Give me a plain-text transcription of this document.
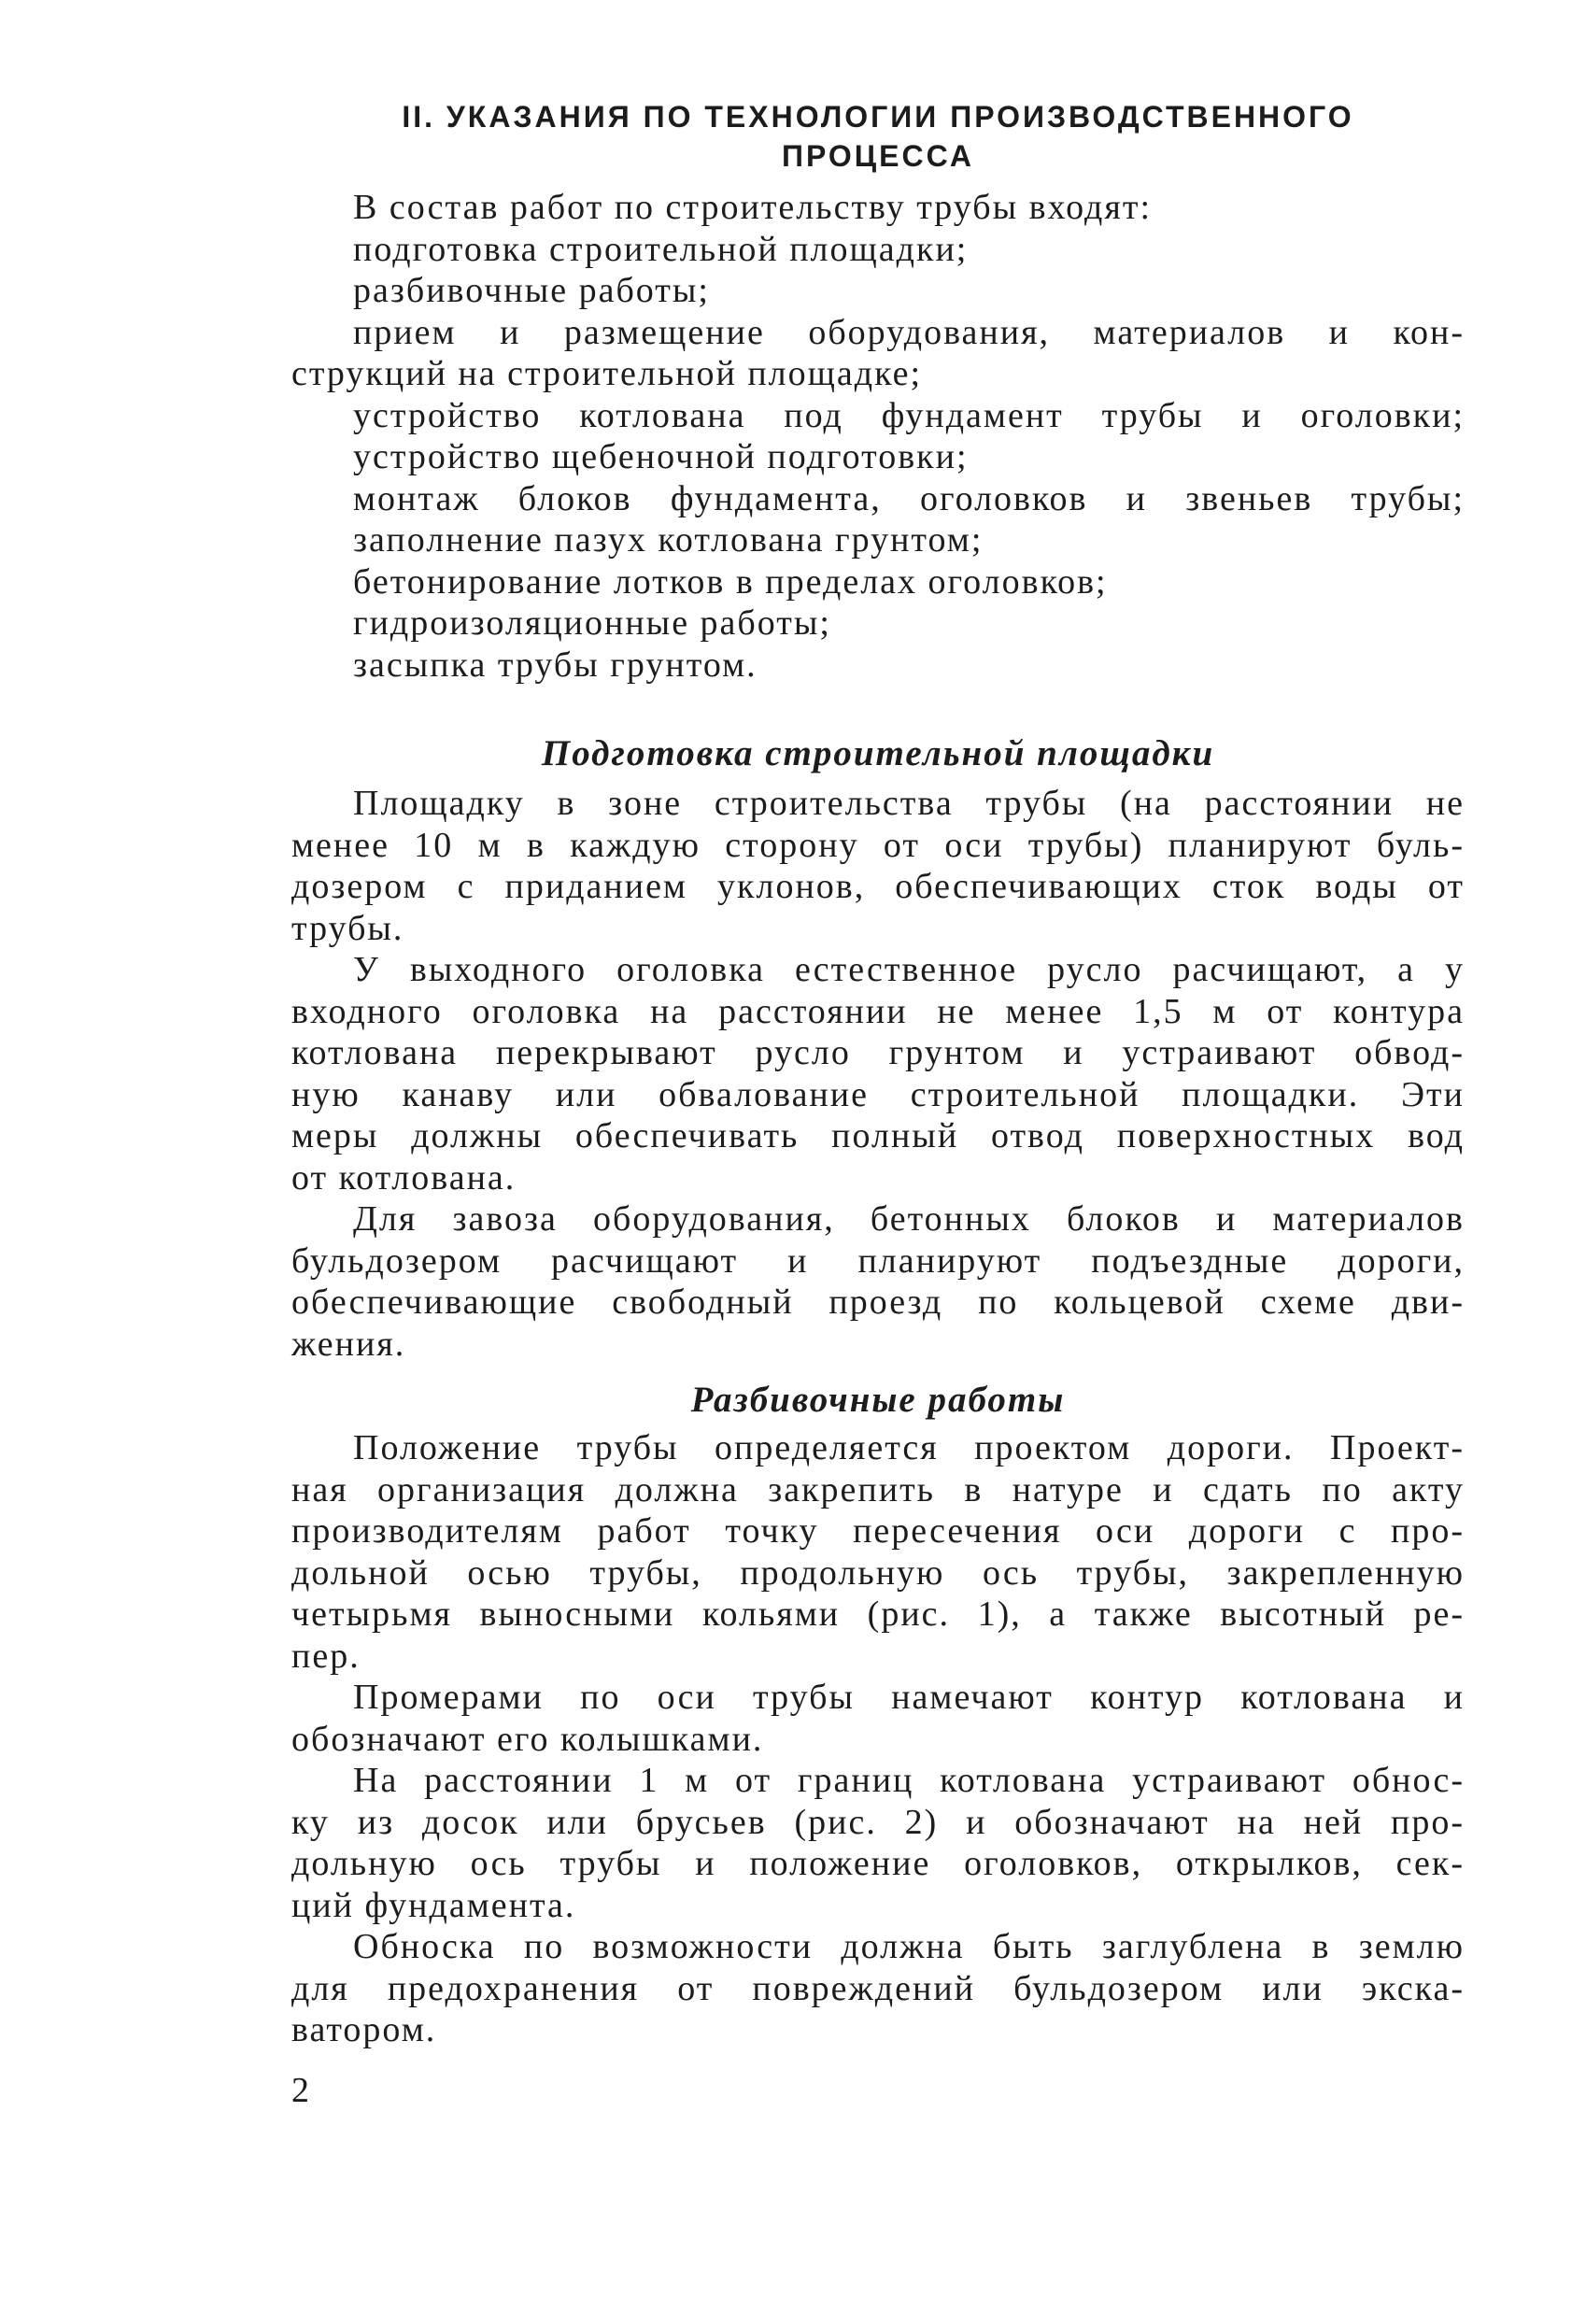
II. УКАЗАНИЯ ПО ТЕХНОЛОГИИ ПРОИЗВОДСТВЕННОГО
ПРОЦЕССА
В состав работ по строительству трубы входят:
подготовка строительной площадки;
разбивочные работы;
прием и размещение оборудования, материалов и кон-
струкций на строительной площадке;
устройство котлована под фундамент трубы и оголовки;
устройство щебеночной подготовки;
монтаж блоков фундамента, оголовков и звеньев трубы;
заполнение пазух котлована грунтом;
бетонирование лотков в пределах оголовков;
гидроизоляционные работы;
засыпка трубы грунтом.
Подготовка строительной площадки
Площадку в зоне строительства трубы (на расстоянии не
менее 10 м в каждую сторону от оси трубы) планируют буль-
дозером с приданием уклонов, обеспечивающих сток воды от
трубы.
У выходного оголовка естественное русло расчищают, а у
входного оголовка на расстоянии не менее 1,5 м от контура
котлована перекрывают русло грунтом и устраивают обвод-
ную канаву или обвалование строительной площадки. Эти
меры должны обеспечивать полный отвод поверхностных вод
от котлована.
Для завоза оборудования, бетонных блоков и материалов
бульдозером расчищают и планируют подъездные дороги,
обеспечивающие свободный проезд по кольцевой схеме дви-
жения.
Разбивочные работы
Положение трубы определяется проектом дороги. Проект-
ная организация должна закрепить в натуре и сдать по акту
производителям работ точку пересечения оси дороги с про-
дольной осью трубы, продольную ось трубы, закрепленную
четырьмя выносными кольями (рис. 1), а также высотный ре-
пер.
Промерами по оси трубы намечают контур котлована и
обозначают его колышками.
На расстоянии 1 м от границ котлована устраивают обнос-
ку из досок или брусьев (рис. 2) и обозначают на ней про-
дольную ось трубы и положение оголовков, открылков, сек-
ций фундамента.
Обноска по возможности должна быть заглублена в землю
для предохранения от повреждений бульдозером или экска-
ватором.
2
